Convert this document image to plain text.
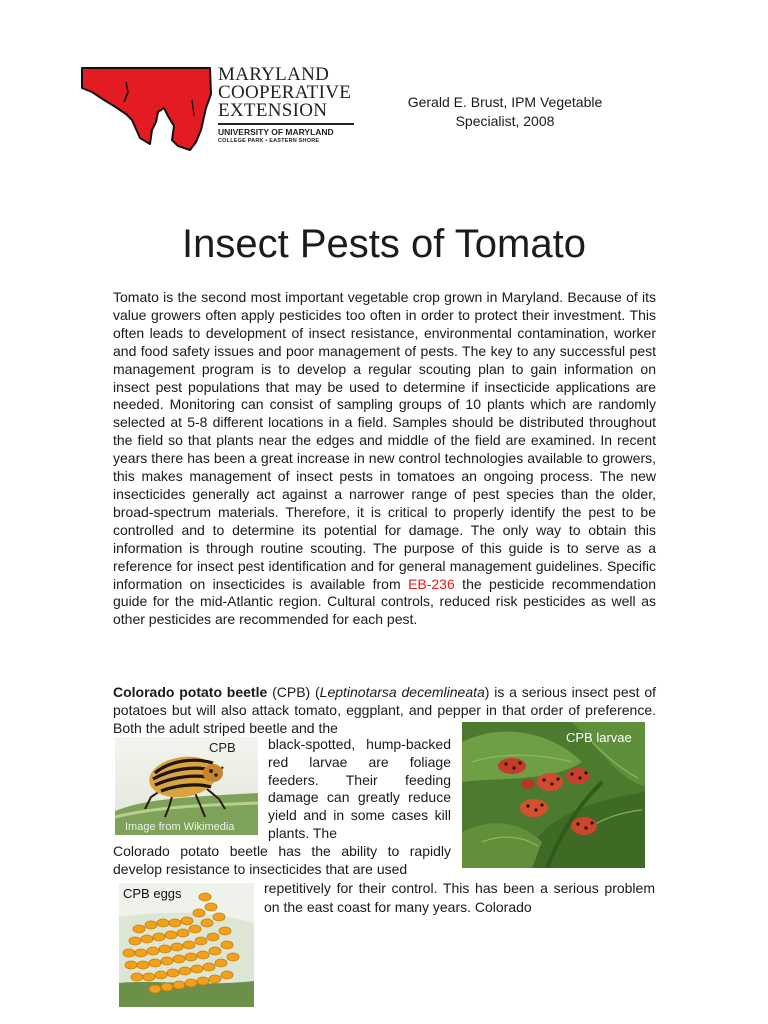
MARYLAND
COOPERATIVE
EXTENSION
UNIVERSITY OF MARYLAND
COLLEGE PARK • EASTERN SHORE
Gerald E. Brust, IPM Vegetable
Specialist, 2008
Insect Pests of Tomato

Tomato is the second most important vegetable crop grown in Maryland. Because of its value growers often apply pesticides too often in order to protect their investment. This often leads to development of insect resistance, environmental contamination, worker and food safety issues and poor management of pests. The key to any successful pest management program is to develop a regular scouting plan to gain information on insect pest populations that may be used to determine if insecticide applications are needed. Monitoring can consist of sampling groups of 10 plants which are randomly selected at 5-8 different locations in a field. Samples should be distributed throughout the field so that plants near the edges and middle of the field are examined. In recent years there has been a great increase in new control technologies available to growers, this makes management of insect pests in tomatoes an ongoing process. The new insecticides generally act against a narrower range of pest species than the older, broad-spectrum materials. Therefore, it is critical to properly identify the pest to be controlled and to determine its potential for damage. The only way to obtain this information is through routine scouting. The purpose of this guide is to serve as a reference for insect pest identification and for general management guidelines. Specific information on insecticides is available from EB-236 the pesticide recommendation guide for the mid-Atlantic region. Cultural controls, reduced risk pesticides as well as other pesticides are recommended for each pest.

Colorado potato beetle (CPB) (Leptinotarsa decemlineata) is a serious insect pest of potatoes but will also attack tomato, eggplant, and pepper in that order of preference. Both the adult striped beetle and the

CPB
Image from Wikimedia

black-spotted, hump-backed red larvae are foliage feeders. Their feeding damage can greatly reduce yield and in some cases kill plants. The

CPB larvae

Colorado potato beetle has the ability to rapidly develop resistance to insecticides that are used

CPB eggs	repetitively for their control. This has been a serious problem on the east coast for many years. Colorado
